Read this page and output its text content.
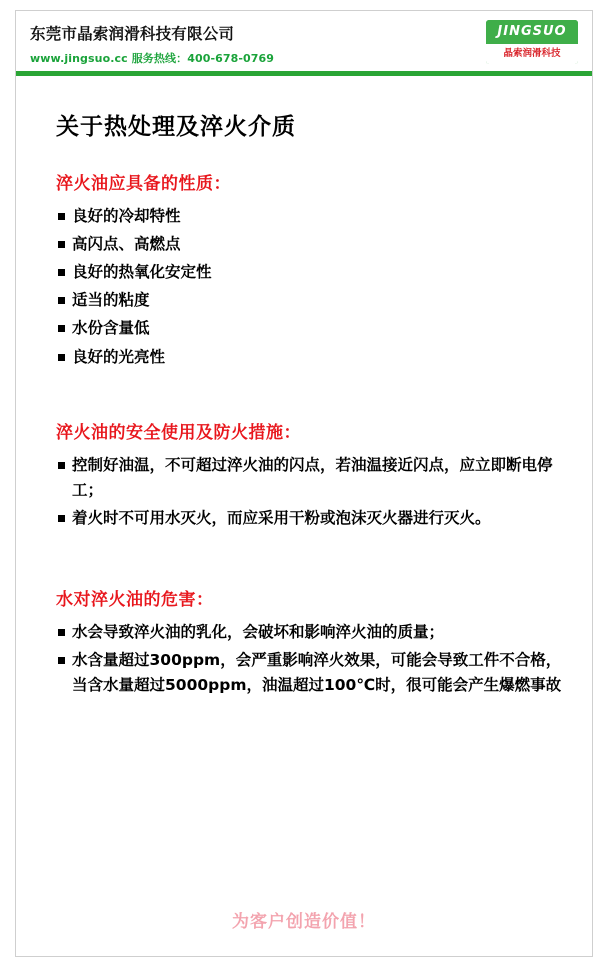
东莞市晶索润滑科技有限公司
www.jingsuo.cc 服务热线：400-678-0769
JINGSUO
晶索润滑科技
关于热处理及淬火介质
淬火油应具备的性质：
良好的冷却特性
高闪点、高燃点
良好的热氧化安定性
适当的粘度
水份含量低
良好的光亮性
淬火油的安全使用及防火措施：
控制好油温，不可超过淬火油的闪点，若油温接近闪点，应立即断电停工；
着火时不可用水灭火，而应采用干粉或泡沫灭火器进行灭火。
水对淬火油的危害：
水会导致淬火油的乳化，会破坏和影响淬火油的质量；
水含量超过300ppm，会严重影响淬火效果，可能会导致工件不合格，当含水量超过5000ppm，油温超过100℃时，很可能会产生爆燃事故
为客户创造价值！
